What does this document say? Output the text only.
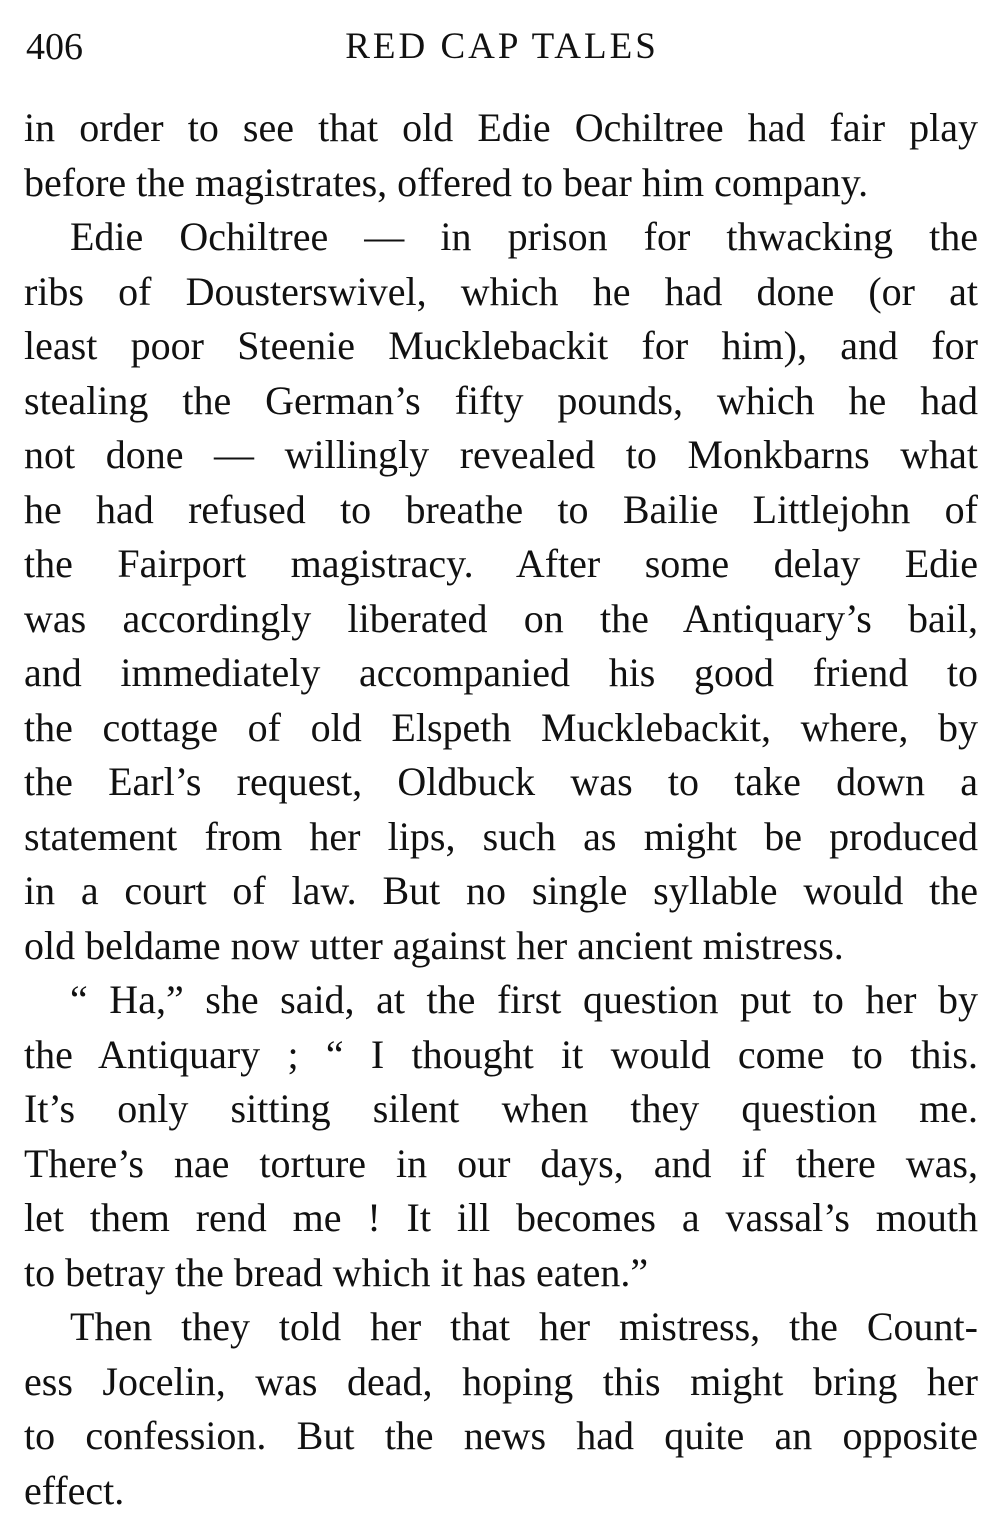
406	RED CAP TALES
in order to see that old Edie Ochiltree had fair play
before the magistrates, offered to bear him company.
Edie Ochiltree — in prison for thwacking the
ribs of Dousterswivel, which he had done (or at
least poor Steenie Mucklebackit for him), and for
stealing the German’s fifty pounds, which he had
not done — willingly revealed to Monkbarns what
he had refused to breathe to Bailie Littlejohn of
the Fairport magistracy. After some delay Edie
was accordingly liberated on the Antiquary’s bail,
and immediately accompanied his good friend to
the cottage of old Elspeth Mucklebackit, where, by
the Earl’s request, Oldbuck was to take down a
statement from her lips, such as might be produced
in a court of law. But no single syllable would the
old beldame now utter against her ancient mistress.
“ Ha,” she said, at the first question put to her by
the Antiquary ; “ I thought it would come to this.
It’s only sitting silent when they question me.
There’s nae torture in our days, and if there was,
let them rend me ! It ill becomes a vassal’s mouth
to betray the bread which it has eaten.”
Then they told her that her mistress, the Count-
ess Jocelin, was dead, hoping this might bring her
to confession. But the news had quite an opposite
effect.
